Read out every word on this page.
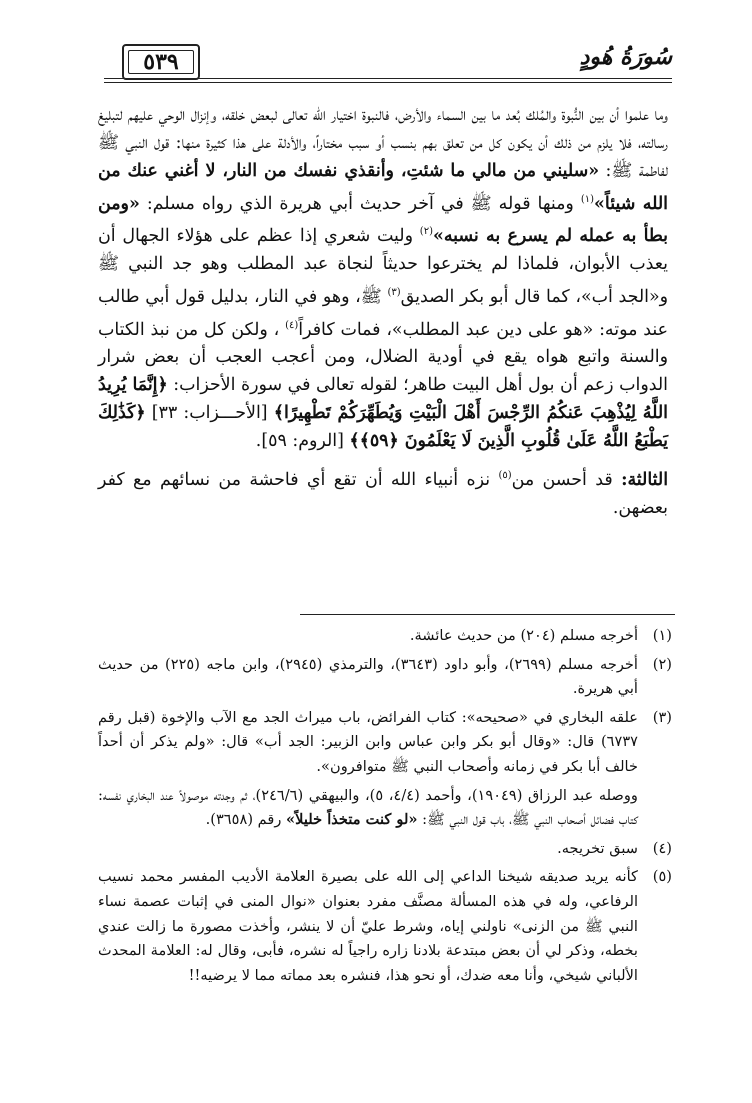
سُورَةُ هُودٍ
٥٣٩

وما علموا أن بين النُّبوة والمُلك بُعد ما بين السماء والأرض، فالنبوة اختيار الله تعالى لبعض خلقه، وإنزال الوحي عليهم لتبليغ رسالته، فلا يلزم من ذلك أن يكون كل من تعلق بهم بنسب أو سبب مختاراً، والأدلة على هذا كثيرة منها: قول النبي ﷺ لفاطمة ﷺ: «سليني من مالي ما شئتِ، وأنقذي نفسك من النار، لا أغني عنك من الله شيئاً»$^{(١)}$ ومنها قوله ﷺ في آخر حديث أبي هريرة الذي رواه مسلم: «ومن بطأ به عمله لم يسرع به نسبه»$^{(٢)}$ وليت شعري إذا عظم على هؤلاء الجهال أن يعذب الأبوان، فلماذا لم يخترعوا حديثاً لنجاة عبد المطلب وهو جد النبي ﷺ و«الجد أب»، كما قال أبو بكر الصديق$^{(٣)}$ ﷺ، وهو في النار، بدليل قول أبي طالب عند موته: «هو على دين عبد المطلب»، فمات كافراً$^{(٤)}$ ، ولكن كل من نبذ الكتاب والسنة واتبع هواه يقع في أودية الضلال، ومن أعجب العجب أن بعض شرار الدواب زعم أن بول أهل البيت طاهر؛ لقوله تعالى في سورة الأحزاب: ﴿إِنَّمَا يُرِيدُ اللَّهُ لِيُذْهِبَ عَنكُمُ الرِّجْسَ أَهْلَ الْبَيْتِ وَيُطَهِّرَكُمْ تَطْهِيرًا﴾ [الأحـــزاب: ٣٣] ﴿كَذَٰلِكَ يَطْبَعُ اللَّهُ عَلَىٰ قُلُوبِ الَّذِينَ لَا يَعْلَمُونَ ﴿٥٩﴾﴾ [الروم: ٥٩].

الثالثة: قد أحسن من$^{(٥)}$ نزه أنبياء الله أن تقع أي فاحشة من نسائهم مع كفر بعضهن.

(١)
أخرجه مسلم (٢٠٤) من حديث عائشة.
(٢)
أخرجه مسلم (٢٦٩٩)، وأبو داود (٣٦٤٣)، والترمذي (٢٩٤٥)، وابن ماجه (٢٢٥) من حديث أبي هريرة.
(٣)
علقه البخاري في «صحيحه»: كتاب الفرائض، باب ميراث الجد مع الآب والإخوة (قبل رقم ٦٧٣٧) قال: «وقال أبو بكر وابن عباس وابن الزبير: الجد أب» قال: «ولم يذكر أن أحداً خالف أبا بكر في زمانه وأصحاب النبي ﷺ متوافرون».
ووصله عبد الرزاق (١٩٠٤٩)، وأحمد (٤/٤، ٥)، والبيهقي (٢٤٦/٦)، ثم وجدته موصولاً عند البخاري نفسه: كتاب فضائل أصحاب النبي ﷺ، باب قول النبي ﷺ: «لو كنت متخذاً خليلاً» رقم (٣٦٥٨).
(٤)
سبق تخريجه.
(٥)
كأنه يريد صديقه شيخنا الداعي إلى الله على بصيرة العلامة الأديب المفسر محمد نسيب الرفاعي، وله في هذه المسألة مصنَّف مفرد بعنوان «نوال المنى في إثبات عصمة نساء النبي ﷺ من الزنى» ناولني إياه، وشرط عليّ أن لا ينشر، وأخذت مصورة ما زالت عندي بخطه، وذكر لي أن بعض مبتدعة بلادنا زاره راجياً له نشره، فأبى، وقال له: العلامة المحدث الألباني شيخي، وأنا معه ضدك، أو نحو هذا، فنشره بعد مماته مما لا يرضيه!!
